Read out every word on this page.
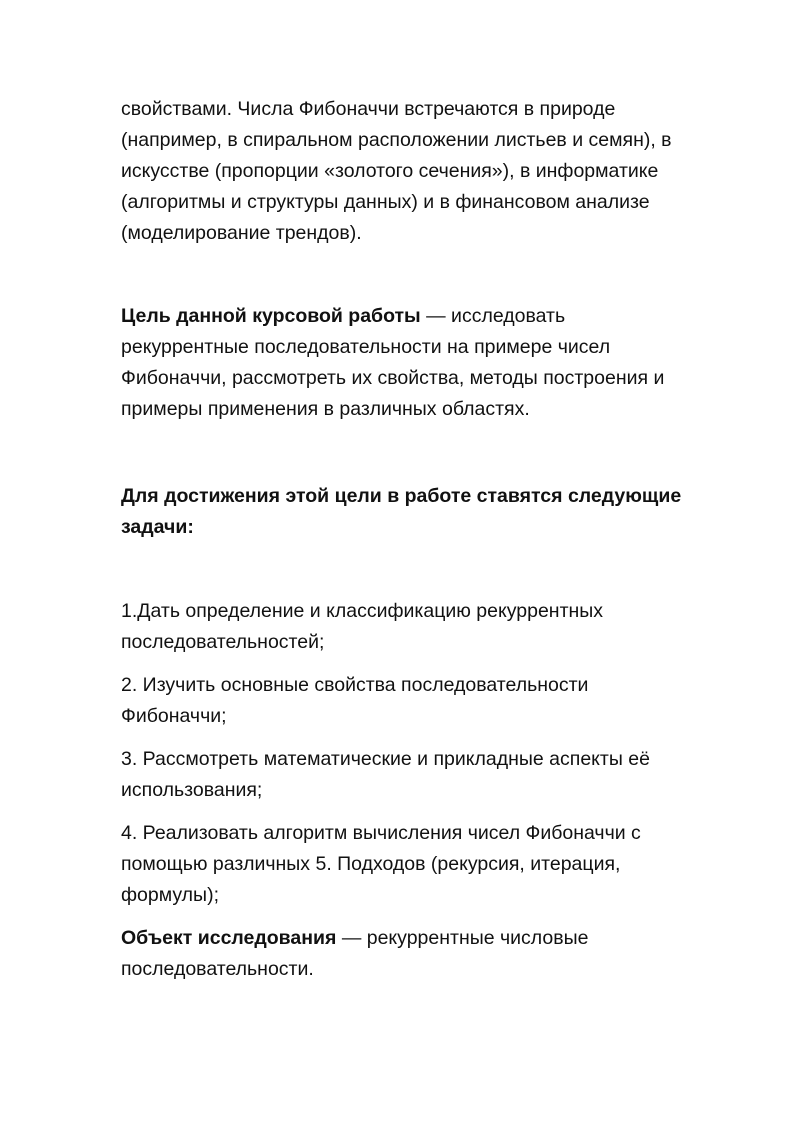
свойствами. Числа Фибоначчи встречаются в природе
(например, в спиральном расположении листьев и семян), в
искусстве (пропорции «золотого сечения»), в информатике
(алгоритмы и структуры данных) и в финансовом анализе
(моделирование трендов).

Цель данной курсовой работы — исследовать
рекуррентные последовательности на примере чисел
Фибоначчи, рассмотреть их свойства, методы построения и
примеры применения в различных областях.

Для достижения этой цели в работе ставятся следующие
задачи:

1.Дать определение и классификацию рекуррентных
последовательностей;

2. Изучить основные свойства последовательности
Фибоначчи;

3. Рассмотреть математические и прикладные аспекты её
использования;

4. Реализовать алгоритм вычисления чисел Фибоначчи с
помощью различных 5. Подходов (рекурсия, итерация,
формулы);

Объект исследования — рекуррентные числовые
последовательности.
